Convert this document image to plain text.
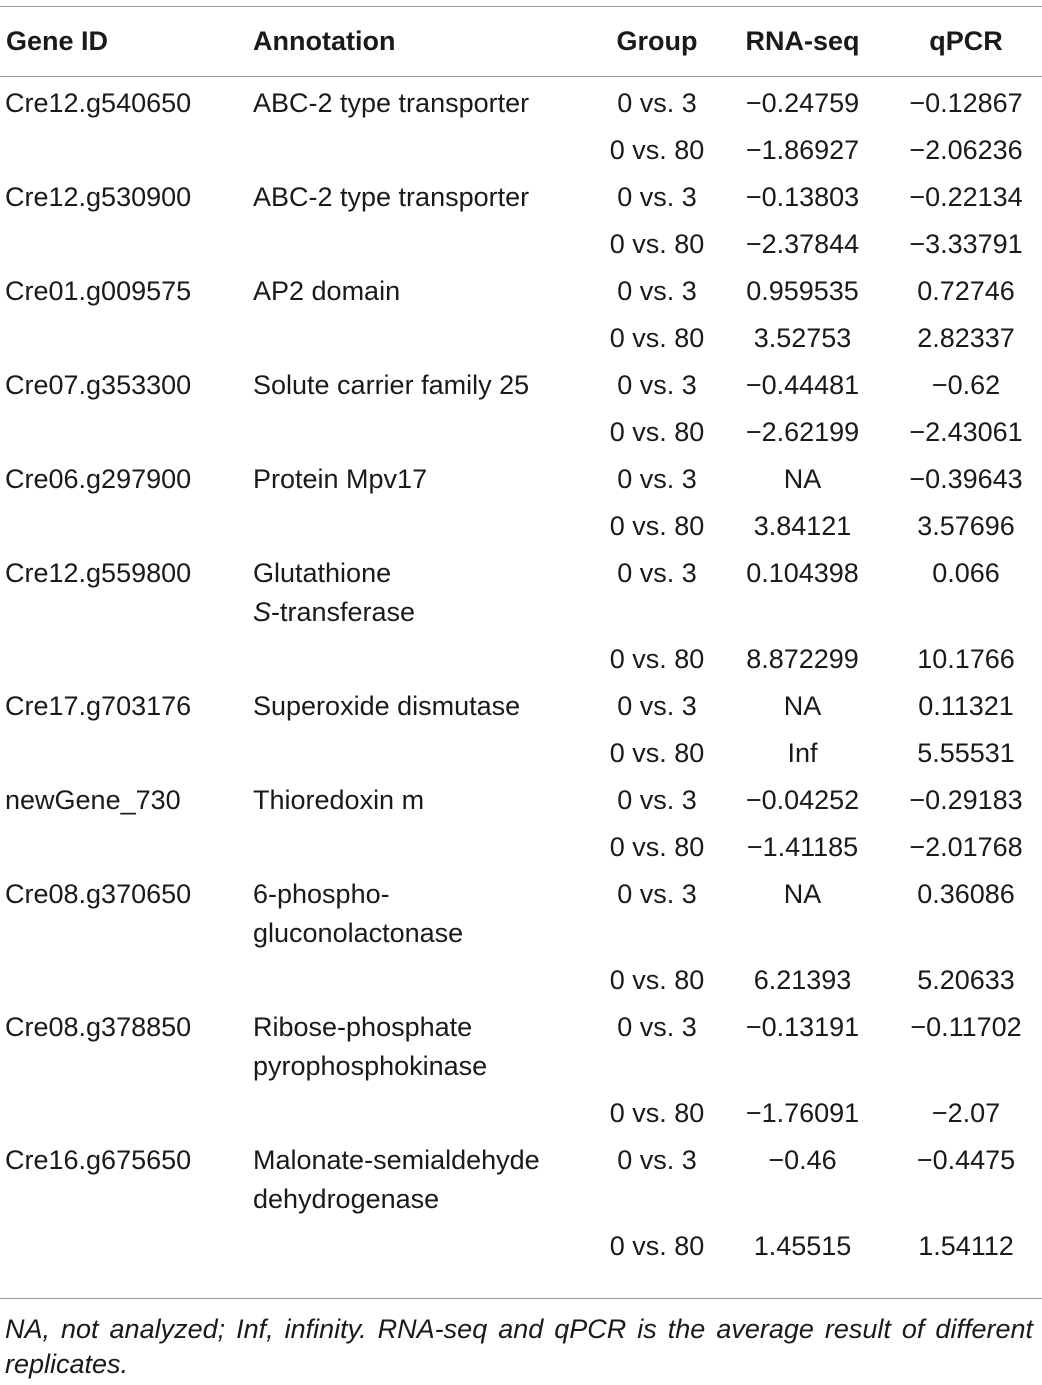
Gene ID	Annotation	Group	RNA-seq	qPCR
Cre12.g540650	ABC-2 type transporter	0 vs. 3	−0.24759	−0.12867
		0 vs. 80	−1.86927	−2.06236
Cre12.g530900	ABC-2 type transporter	0 vs. 3	−0.13803	−0.22134
		0 vs. 80	−2.37844	−3.33791
Cre01.g009575	AP2 domain	0 vs. 3	0.959535	0.72746
		0 vs. 80	3.52753	2.82337
Cre07.g353300	Solute carrier family 25	0 vs. 3	−0.44481	−0.62
		0 vs. 80	−2.62199	−2.43061
Cre06.g297900	Protein Mpv17	0 vs. 3	NA	−0.39643
		0 vs. 80	3.84121	3.57696
Cre12.g559800	Glutathione
S-transferase	0 vs. 3	0.104398	0.066
		0 vs. 80	8.872299	10.1766
Cre17.g703176	Superoxide dismutase	0 vs. 3	NA	0.11321
		0 vs. 80	Inf	5.55531
newGene_730	Thioredoxin m	0 vs. 3	−0.04252	−0.29183
		0 vs. 80	−1.41185	−2.01768
Cre08.g370650	6-phospho-
gluconolactonase	0 vs. 3	NA	0.36086
		0 vs. 80	6.21393	5.20633
Cre08.g378850	Ribose-phosphate
pyrophosphokinase	0 vs. 3	−0.13191	−0.11702
		0 vs. 80	−1.76091	−2.07
Cre16.g675650	Malonate-semialdehyde
dehydrogenase	0 vs. 3	−0.46	−0.4475
		0 vs. 80	1.45515	1.54112
NA, not analyzed; Inf, infinity. RNA-seq and qPCR is the average result of different replicates.
